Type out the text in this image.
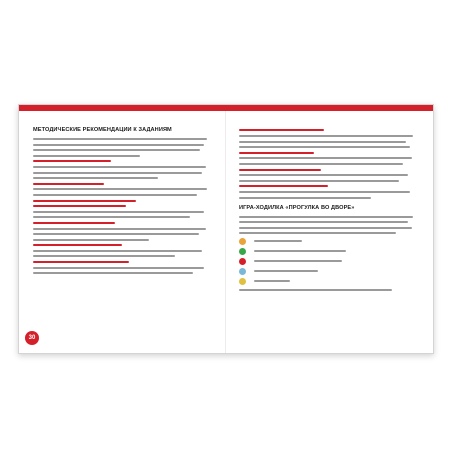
МЕТОДИЧЕСКИЕ РЕКОМЕНДАЦИИ К ЗАДАНИЯМ
ИГРА-ХОДИЛКА «ПРОГУЛКА ВО ДВОРЕ»
30
